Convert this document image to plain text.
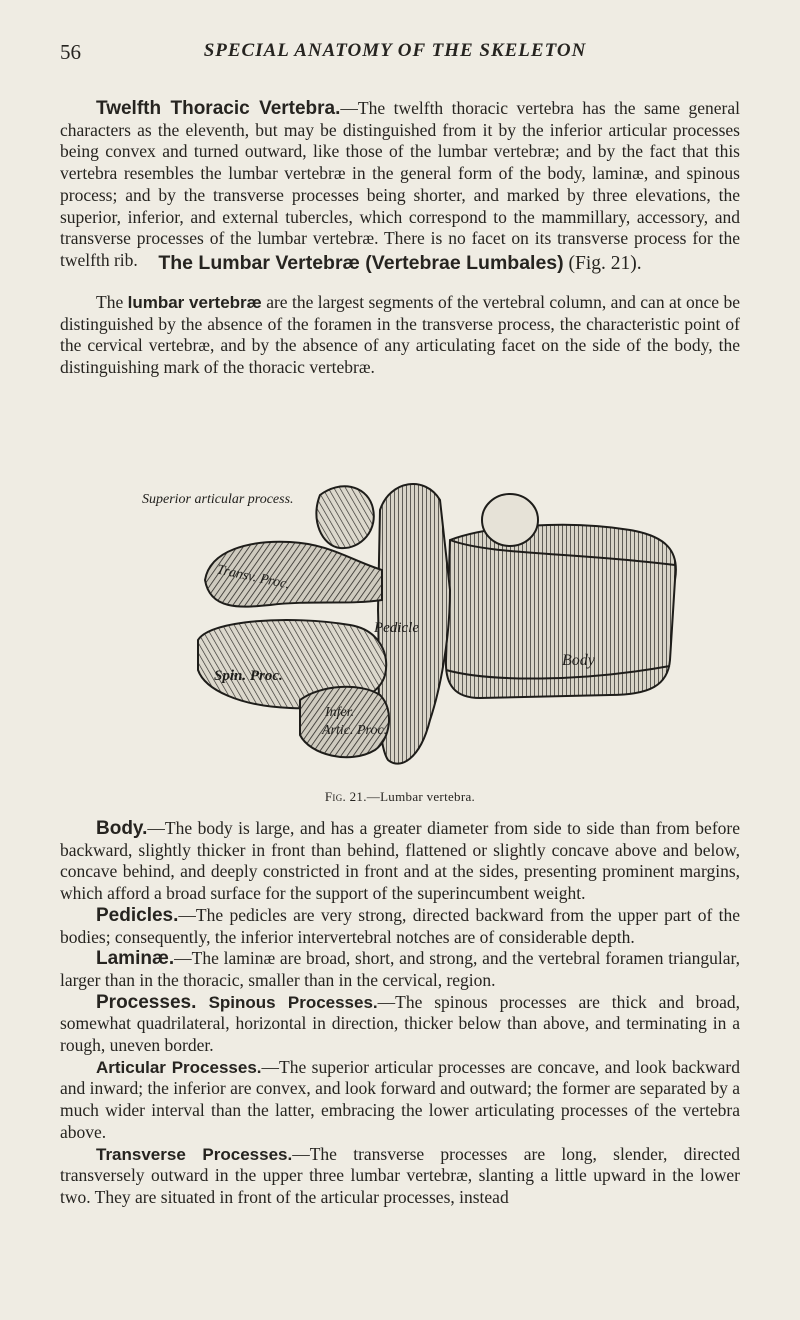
56	SPECIAL ANATOMY OF THE SKELETON

Twelfth Thoracic Vertebra.—The twelfth thoracic vertebra has the same general characters as the eleventh, but may be distinguished from it by the inferior articular processes being convex and turned outward, like those of the lumbar vertebræ; and by the fact that this vertebra resembles the lumbar vertebræ in the general form of the body, laminæ, and spinous process; and by the transverse processes being shorter, and marked by three elevations, the superior, inferior, and external tubercles, which correspond to the mammillary, accessory, and transverse processes of the lumbar vertebræ. There is no facet on its transverse process for the twelfth rib.	The Lumbar Vertebræ (Vertebrae Lumbales) (Fig. 21).

The lumbar vertebræ are the largest segments of the vertebral column, and can at once be distinguished by the absence of the foramen in the transverse process, the characteristic point of the cervical vertebræ, and by the absence of any articulating facet on the side of the body, the distinguishing mark of the thoracic vertebræ.

Superior articular process.
Transv. Proc.
Pedicle
Body
Spin. Proc.
Infer.
Artic. Proc.
Fig. 21.—Lumbar vertebra.

Body.—The body is large, and has a greater diameter from side to side than from before backward, slightly thicker in front than behind, flattened or slightly concave above and below, concave behind, and deeply constricted in front and at the sides, presenting prominent margins, which afford a broad surface for the support of the superincumbent weight.

Pedicles.—The pedicles are very strong, directed backward from the upper part of the bodies; consequently, the inferior intervertebral notches are of considerable depth.

Laminæ.—The laminæ are broad, short, and strong, and the vertebral foramen triangular, larger than in the thoracic, smaller than in the cervical, region.

Processes. Spinous Processes.—The spinous processes are thick and broad, somewhat quadrilateral, horizontal in direction, thicker below than above, and terminating in a rough, uneven border.

Articular Processes.—The superior articular processes are concave, and look backward and inward; the inferior are convex, and look forward and outward; the former are separated by a much wider interval than the latter, embracing the lower articulating processes of the vertebra above.

Transverse Processes.—The transverse processes are long, slender, directed transversely outward in the upper three lumbar vertebræ, slanting a little upward in the lower two. They are situated in front of the articular processes, instead
